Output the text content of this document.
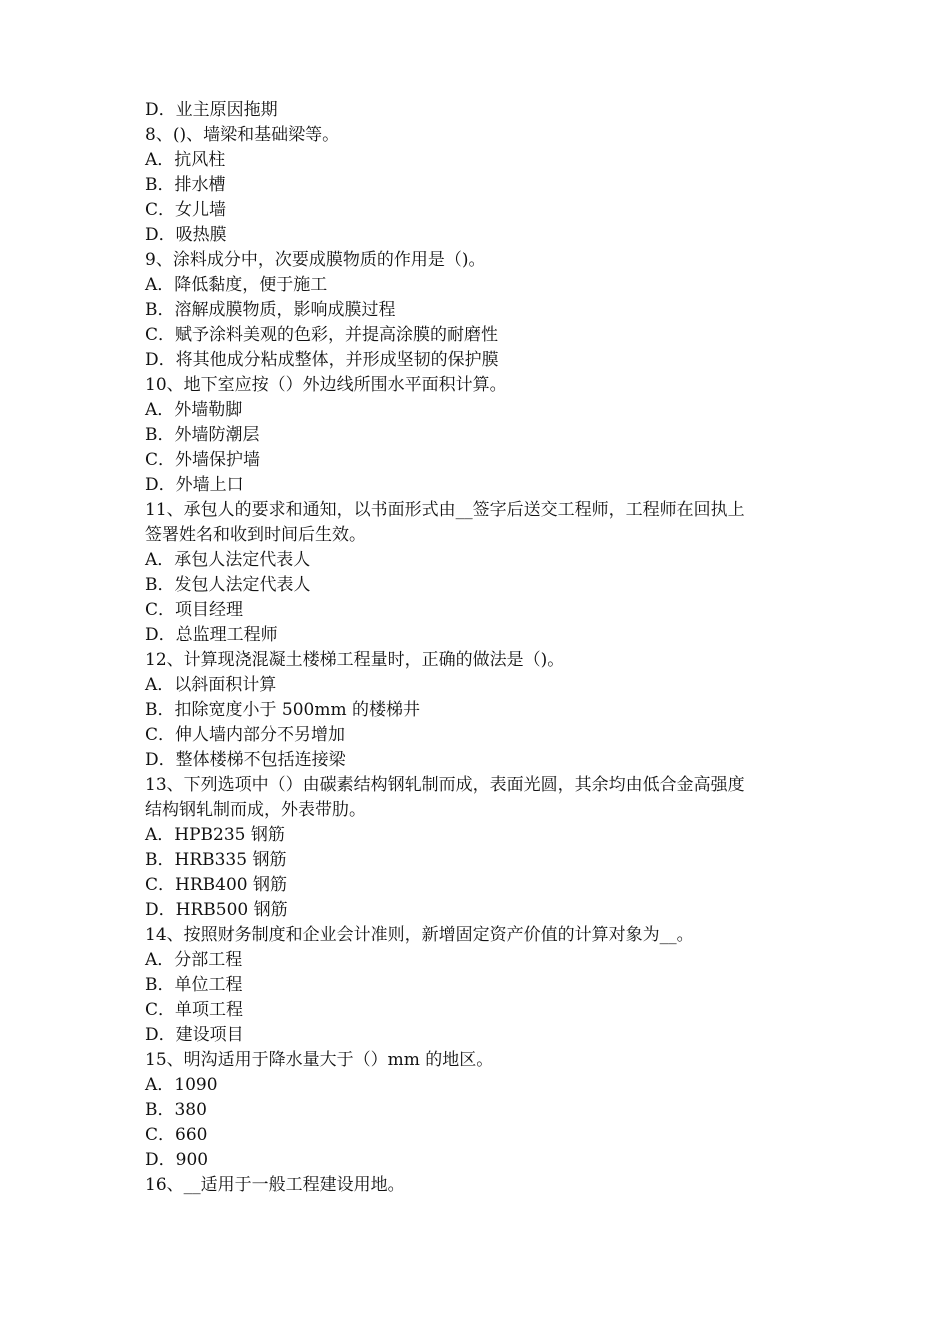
D．业主原因拖期

8、()、墙梁和基础梁等。

A．抗风柱

B．排水槽

C．女儿墙

D．吸热膜

9、涂料成分中，次要成膜物质的作用是（)。

A．降低黏度，便于施工

B．溶解成膜物质，影响成膜过程

C．赋予涂料美观的色彩，并提高涂膜的耐磨性

D．将其他成分粘成整体，并形成坚韧的保护膜

10、地下室应按（）外边线所围水平面积计算。

A．外墙勒脚

B．外墙防潮层

C．外墙保护墙

D．外墙上口

11、承包人的要求和通知，以书面形式由__签字后送交工程师，工程师在回执上

签署姓名和收到时间后生效。

A．承包人法定代表人

B．发包人法定代表人

C．项目经理

D．总监理工程师

12、计算现浇混凝土楼梯工程量时，正确的做法是（)。

A．以斜面积计算

B．扣除宽度小于 500mm 的楼梯井

C．伸人墙内部分不另增加

D．整体楼梯不包括连接梁

13、下列选项中（）由碳素结构钢轧制而成，表面光圆，其余均由低合金高强度

结构钢轧制而成，外表带肋。

A．HPB235 钢筋

B．HRB335 钢筋

C．HRB400 钢筋

D．HRB500 钢筋

14、按照财务制度和企业会计准则，新增固定资产价值的计算对象为__。

A．分部工程

B．单位工程

C．单项工程

D．建设项目

15、明沟适用于降水量大于（）mm 的地区。

A．1090

B．380

C．660

D．900

16、__适用于一般工程建设用地。
